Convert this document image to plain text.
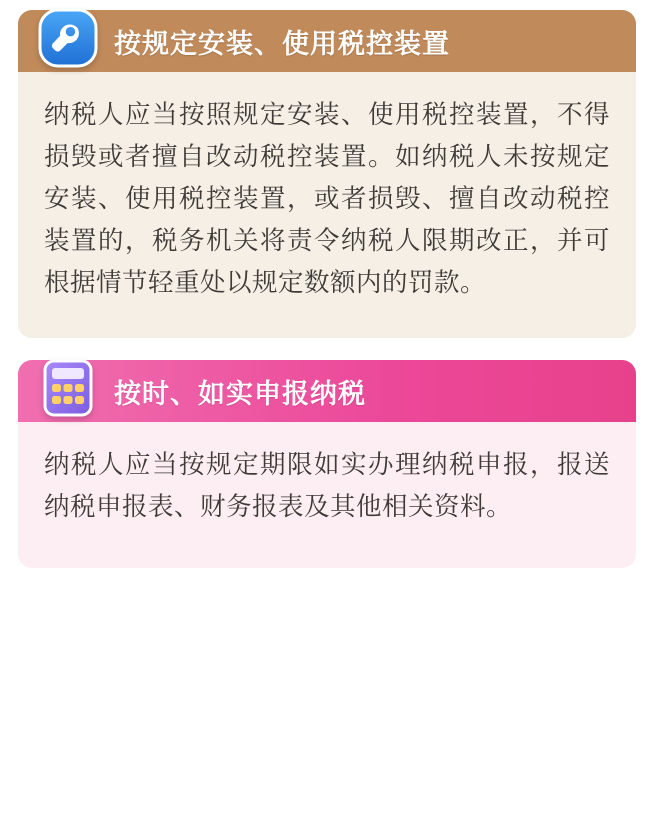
按规定安装、使用税控装置

纳税人应当按照规定安装、使用税控装置，不得损毁或者擅自改动税控装置。如纳税人未按规定安装、使用税控装置，或者损毁、擅自改动税控装置的，税务机关将责令纳税人限期改正，并可根据情节轻重处以规定数额内的罚款。

按时、如实申报纳税

纳税人应当按规定期限如实办理纳税申报，报送纳税申报表、财务报表及其他相关资料。
